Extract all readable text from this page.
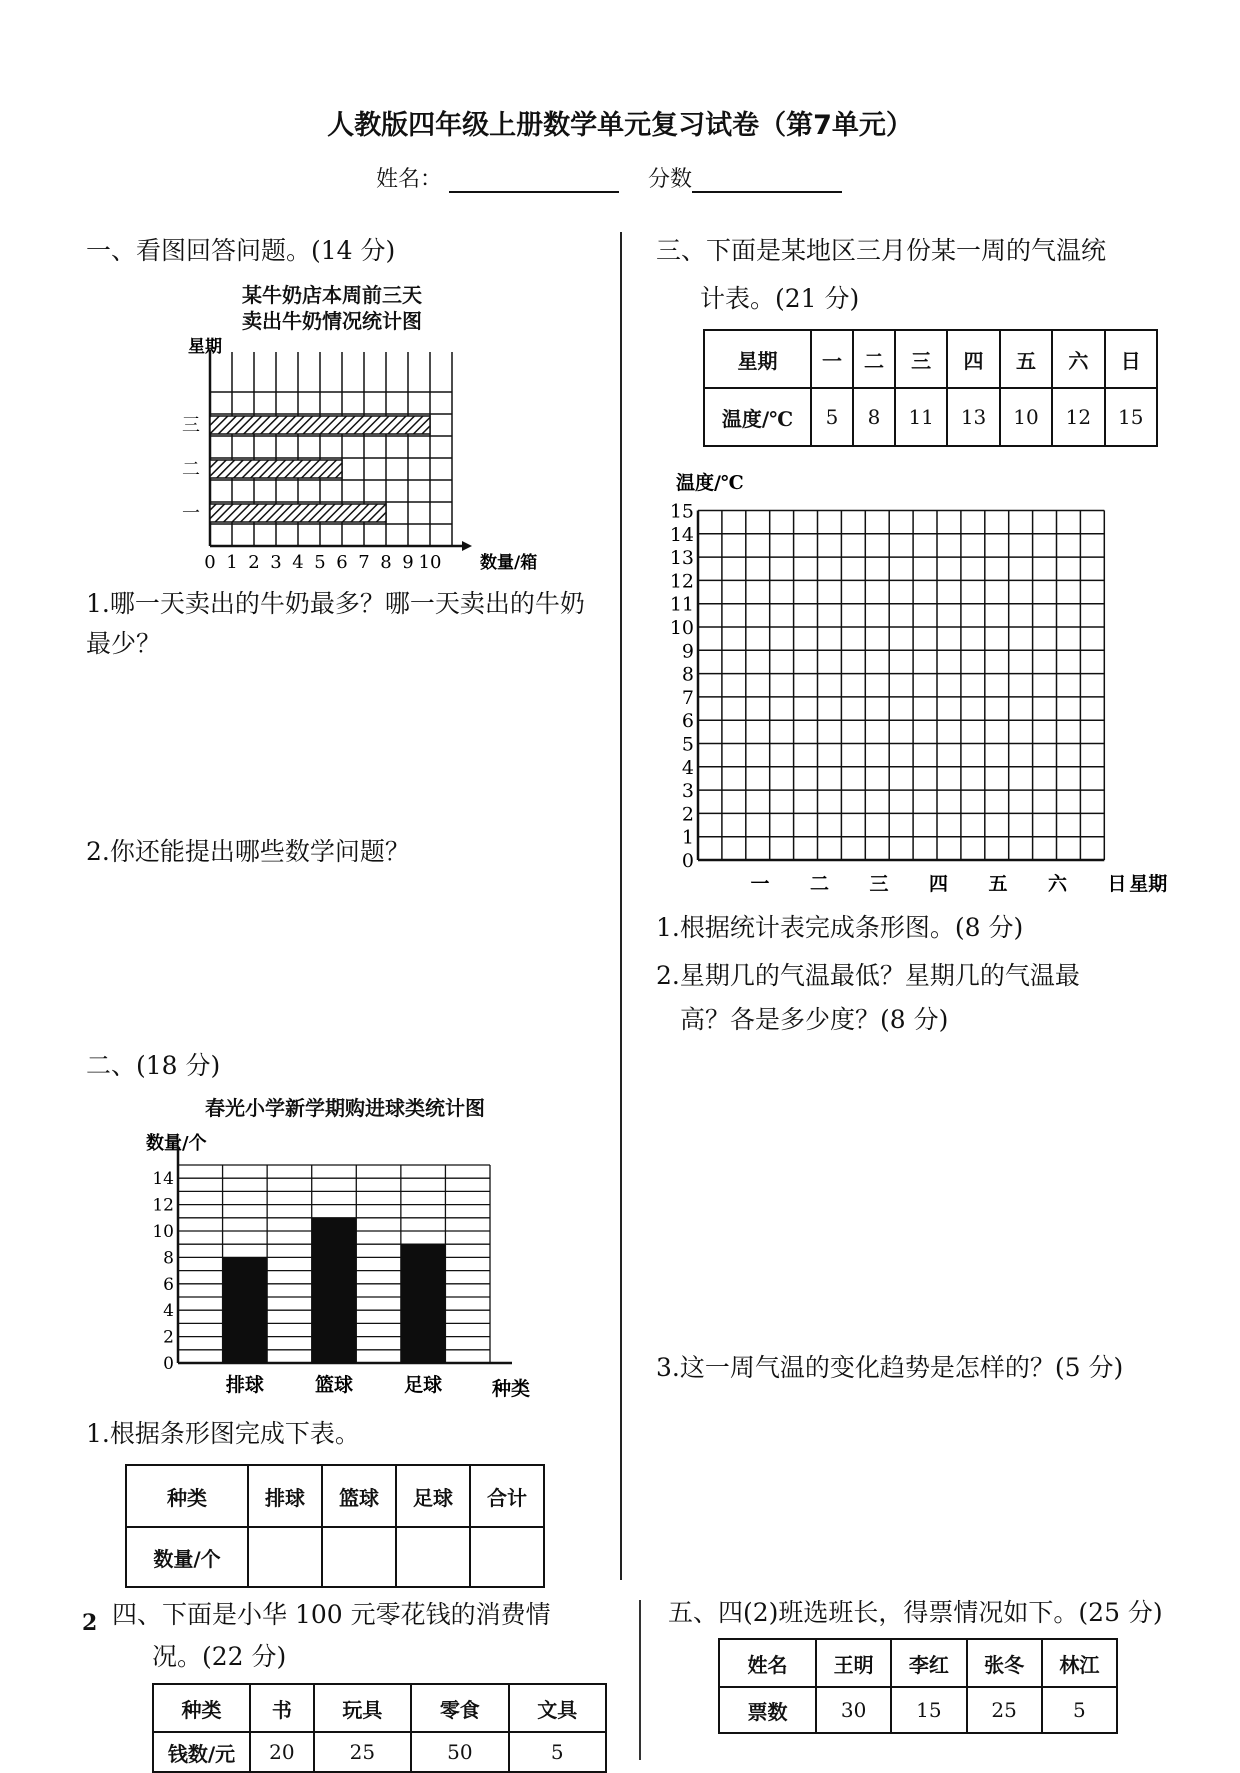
人教版四年级上册数学单元复习试卷（第7单元）
姓名：	分数
一、看图回答问题。(14 分)
某牛奶店本周前三天
卖出牛奶情况统计图
星期
一
二
三
0 1 2 3 4 5 6 7 8 9 10 数量/箱
1.哪一天卖出的牛奶最多？哪一天卖出的牛奶最少？
2.你还能提出哪些数学问题？
二、(18 分)
春光小学新学期购进球类统计图
数量/个
0
2
4
6
8
10
12
14
排球	篮球	足球	种类
1.根据条形图完成下表。
种类	排球	篮球	足球	合计
数量/个				
三、下面是某地区三月份某一周的气温统
计表。(21 分)
星期	一	二	三	四	五	六	日
温度/℃	5	8	11	13	10	12	15
温度/℃
0
1
2
3
4
5
6
7
8
9
10
11
12
13
14
15
一 二 三 四 五 六 日 星期
1.根据统计表完成条形图。(8 分)
2.星期几的气温最低？星期几的气温最
高？各是多少度？(8 分)
3.这一周气温的变化趋势是怎样的？(5 分)
2 四、下面是小华 100 元零花钱的消费情
况。(22 分)
种类	书	玩具	零食	文具
钱数/元	20	25	50	5
五、四(2)班选班长，得票情况如下。(25 分)
姓名	王明	李红	张冬	林江
票数	30	15	25	5
